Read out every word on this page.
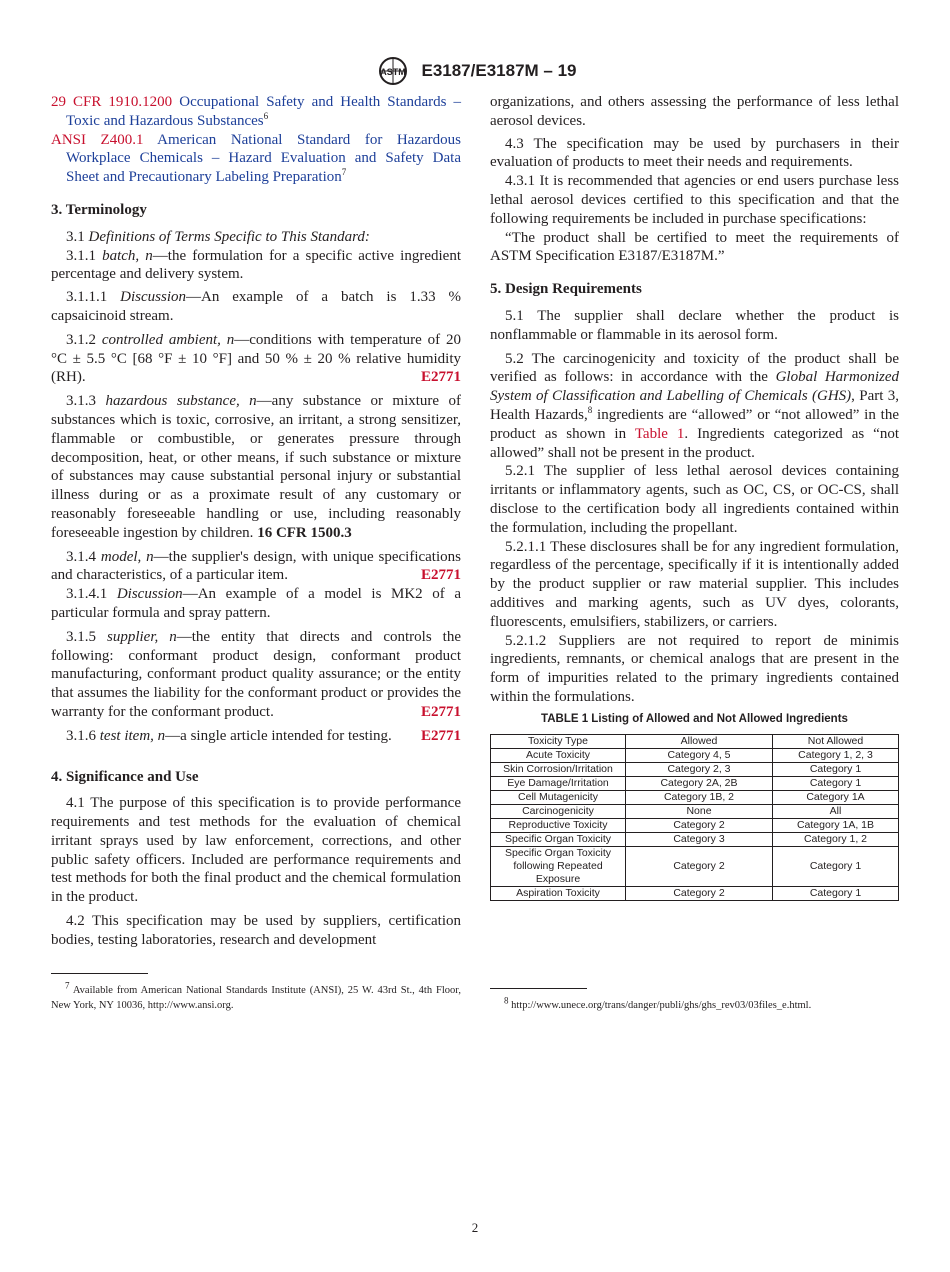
ASTM E3187/E3187M – 19

29 CFR 1910.1200 Occupational Safety and Health Standards – Toxic and Hazardous Substances$^6$

ANSI Z400.1 American National Standard for Hazardous Workplace Chemicals – Hazard Evaluation and Safety Data Sheet and Precautionary Labeling Preparation$^7$

3. Terminology

3.1 Definitions of Terms Specific to This Standard:

3.1.1 batch, n—the formulation for a specific active ingredient percentage and delivery system.

3.1.1.1 Discussion—An example of a batch is 1.33 % capsaicinoid stream.

3.1.2 controlled ambient, n—conditions with temperature of 20 °C ± 5.5 °C [68 °F ± 10 °F] and 50 % ± 20 % relative humidity (RH).	E2771

3.1.3 hazardous substance, n—any substance or mixture of substances which is toxic, corrosive, an irritant, a strong sensitizer, flammable or combustible, or generates pressure through decomposition, heat, or other means, if such substance or mixture of substances may cause substantial personal injury or substantial illness during or as a proximate result of any customary or reasonably foreseeable handling or use, including reasonably foreseeable ingestion by children. 16 CFR 1500.3

3.1.4 model, n—the supplier's design, with unique specifications and characteristics, of a particular item.	E2771

3.1.4.1 Discussion—An example of a model is MK2 of a particular formula and spray pattern.

3.1.5 supplier, n—the entity that directs and controls the following: conformant product design, conformant product manufacturing, conformant product quality assurance; or the entity that assumes the liability for the conformant product or provides the warranty for the conformant product.	E2771

3.1.6 test item, n—a single article intended for testing.	E2771

4. Significance and Use

4.1 The purpose of this specification is to provide performance requirements and test methods for the evaluation of chemical irritant sprays used by law enforcement, corrections, and other public safety officers. Included are performance requirements and test methods for both the final product and the chemical formulation in the product.

4.2 This specification may be used by suppliers, certification bodies, testing laboratories, research and development

organizations, and others assessing the performance of less lethal aerosol devices.

4.3 The specification may be used by purchasers in their evaluation of products to meet their needs and requirements.

4.3.1 It is recommended that agencies or end users purchase less lethal aerosol devices certified to this specification and that the following requirements be included in purchase specifications:

“The product shall be certified to meet the requirements of ASTM Specification E3187/E3187M.”

5. Design Requirements

5.1 The supplier shall declare whether the product is nonflammable or flammable in its aerosol form.

5.2 The carcinogenicity and toxicity of the product shall be verified as follows: in accordance with the Global Harmonized System of Classification and Labelling of Chemicals (GHS), Part 3, Health Hazards,$^8$ ingredients are “allowed” or “not allowed” in the product as shown in Table 1. Ingredients categorized as “not allowed” shall not be present in the product.

5.2.1 The supplier of less lethal aerosol devices containing irritants or inflammatory agents, such as OC, CS, or OC-CS, shall disclose to the certification body all ingredients contained within the formulation, including the propellant.

5.2.1.1 These disclosures shall be for any ingredient formulation, regardless of the percentage, specifically if it is intentionally added by the product supplier or raw material supplier. This includes additives and marking agents, such as UV dyes, colorants, fluorescents, emulsifiers, stabilizers, or carriers.

5.2.1.2 Suppliers are not required to report de minimis ingredients, remnants, or chemical analogs that are present in the form of impurities related to the primary ingredients contained within the formulations.

TABLE 1 Listing of Allowed and Not Allowed Ingredients

Toxicity Type	Allowed	Not Allowed
Acute Toxicity	Category 4, 5	Category 1, 2, 3
Skin Corrosion/Irritation	Category 2, 3	Category 1
Eye Damage/Irritation	Category 2A, 2B	Category 1
Cell Mutagenicity	Category 1B, 2	Category 1A
Carcinogenicity	None	All
Reproductive Toxicity	Category 2	Category 1A, 1B
Specific Organ Toxicity	Category 3	Category 1, 2
Specific Organ Toxicity following Repeated Exposure	Category 2	Category 1
Aspiration Toxicity	Category 2	Category 1

7 Available from American National Standards Institute (ANSI), 25 W. 43rd St., 4th Floor, New York, NY 10036, http://www.ansi.org.	8 http://www.unece.org/trans/danger/publi/ghs/ghs_rev03/03files_e.html.

2
